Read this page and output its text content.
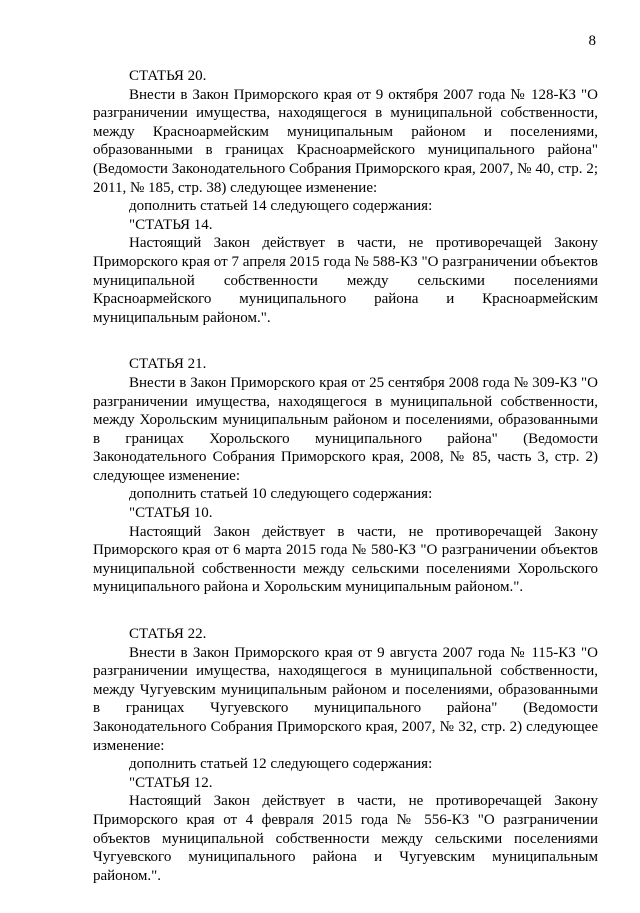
8

СТАТЬЯ 20.

Внести в Закон Приморского края от 9 октября 2007 года № 128-КЗ "О разграничении имущества, находящегося в муниципальной собственности, между Красноармейским муниципальным районом и поселениями, образованными в границах Красноармейского муниципального района" (Ведомости Законодательного Собрания Приморского края, 2007, № 40, стр. 2; 2011, № 185, стр. 38) следующее изменение:

дополнить статьей 14 следующего содержания:

"СТАТЬЯ 14.

Настоящий Закон действует в части, не противоречащей Закону Приморского края от 7 апреля 2015 года № 588-КЗ "О разграничении объектов муниципальной собственности между сельскими поселениями Красноармейского муниципального района и Красноармейским муниципальным районом.".

СТАТЬЯ 21.

Внести в Закон Приморского края от 25 сентября 2008 года № 309-КЗ "О разграничении имущества, находящегося в муниципальной собственности, между Хорольским муниципальным районом и поселениями, образованными в границах Хорольского муниципального района" (Ведомости Законодательного Собрания Приморского края, 2008, № 85, часть 3, стр. 2) следующее изменение:

дополнить статьей 10 следующего содержания:

"СТАТЬЯ 10.

Настоящий Закон действует в части, не противоречащей Закону Приморского края от 6 марта 2015 года № 580-КЗ "О разграничении объектов муниципальной собственности между сельскими поселениями Хорольского муниципального района и Хорольским муниципальным районом.".

СТАТЬЯ 22.

Внести в Закон Приморского края от 9 августа 2007 года № 115-КЗ "О разграничении имущества, находящегося в муниципальной собственности, между Чугуевским муниципальным районом и поселениями, образованными в границах Чугуевского муниципального района" (Ведомости Законодательного Собрания Приморского края, 2007, № 32, стр. 2) следующее изменение:

дополнить статьей 12 следующего содержания:

"СТАТЬЯ 12.

Настоящий Закон действует в части, не противоречащей Закону Приморского края от 4 февраля 2015 года № 556-КЗ "О разграничении объектов муниципальной собственности между сельскими поселениями Чугуевского муниципального района и Чугуевским муниципальным районом.".
